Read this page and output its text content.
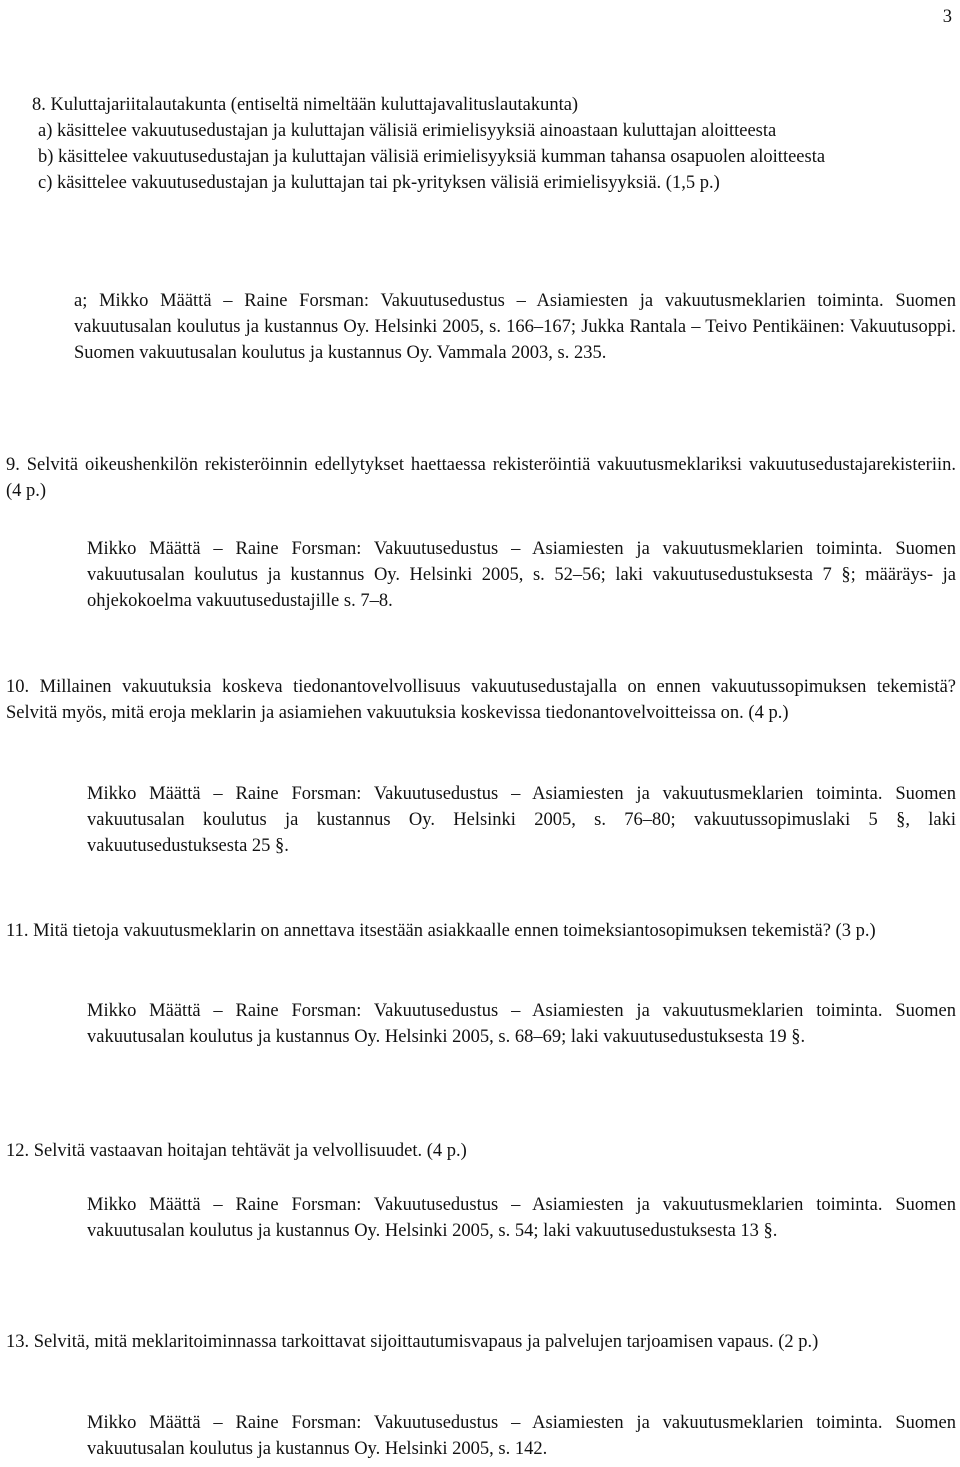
3

8. Kuluttajariitalautakunta (entiseltä nimeltään kuluttajavalituslautakunta)

a) käsittelee vakuutusedustajan ja kuluttajan välisiä erimielisyyksiä ainoastaan kuluttajan aloitteesta

b) käsittelee vakuutusedustajan ja kuluttajan välisiä erimielisyyksiä kumman tahansa osapuolen aloitteesta

c) käsittelee vakuutusedustajan ja kuluttajan tai pk-yrityksen välisiä erimielisyyksiä. (1,5 p.)

a; Mikko Määttä – Raine Forsman: Vakuutusedustus – Asiamiesten ja vakuutusmeklarien toiminta. Suomen vakuutusalan koulutus ja kustannus Oy. Helsinki 2005, s. 166–167; Jukka Rantala – Teivo Pentikäinen: Vakuutusoppi. Suomen vakuutusalan koulutus ja kustannus Oy. Vammala 2003, s. 235.

9. Selvitä oikeushenkilön rekisteröinnin edellytykset haettaessa rekisteröintiä vakuutusmeklariksi vakuutusedustajarekisteriin. (4 p.)

Mikko Määttä – Raine Forsman: Vakuutusedustus – Asiamiesten ja vakuutusmeklarien toiminta. Suomen vakuutusalan koulutus ja kustannus Oy. Helsinki 2005, s. 52–56; laki vakuutusedustuksesta 7 §; määräys- ja ohjekokoelma vakuutusedustajille s. 7–8.

10. Millainen vakuutuksia koskeva tiedonantovelvollisuus vakuutusedustajalla on ennen vakuutussopimuksen tekemistä? Selvitä myös, mitä eroja meklarin ja asiamiehen vakuutuksia koskevissa tiedonantovelvoitteissa on. (4 p.)

Mikko Määttä – Raine Forsman: Vakuutusedustus – Asiamiesten ja vakuutusmeklarien toiminta. Suomen vakuutusalan koulutus ja kustannus Oy. Helsinki 2005, s. 76–80; vakuutussopimuslaki 5 §, laki vakuutusedustuksesta 25 §.

11. Mitä tietoja vakuutusmeklarin on annettava itsestään asiakkaalle ennen toimeksiantosopimuksen tekemistä? (3 p.)

Mikko Määttä – Raine Forsman: Vakuutusedustus – Asiamiesten ja vakuutusmeklarien toiminta. Suomen vakuutusalan koulutus ja kustannus Oy. Helsinki 2005, s. 68–69; laki vakuutusedustuksesta 19 §.

12. Selvitä vastaavan hoitajan tehtävät ja velvollisuudet. (4 p.)

Mikko Määttä – Raine Forsman: Vakuutusedustus – Asiamiesten ja vakuutusmeklarien toiminta. Suomen vakuutusalan koulutus ja kustannus Oy. Helsinki 2005, s. 54; laki vakuutusedustuksesta 13 §.

13. Selvitä, mitä meklaritoiminnassa tarkoittavat sijoittautumisvapaus ja palvelujen tarjoamisen vapaus. (2 p.)

Mikko Määttä – Raine Forsman: Vakuutusedustus – Asiamiesten ja vakuutusmeklarien toiminta. Suomen vakuutusalan koulutus ja kustannus Oy. Helsinki 2005, s. 142.
